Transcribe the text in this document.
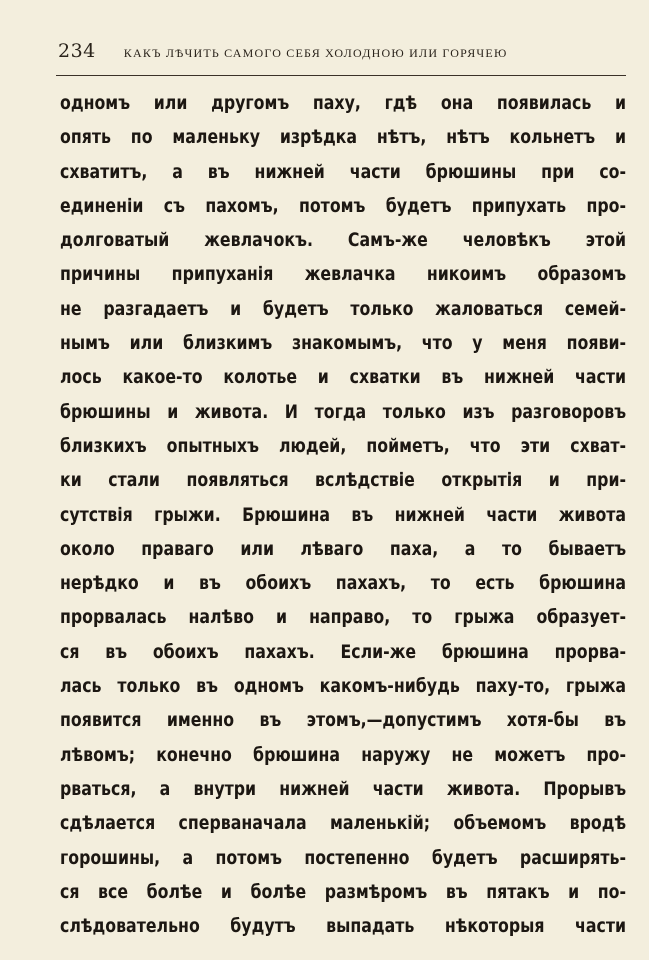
234 КАКЪ ЛѢЧИТЬ САМОГО СЕБЯ ХОЛОДНОЮ ИЛИ ГОРЯЧЕЮ
одномъ или другомъ паху, гдѣ она появилась и
опять по маленьку изрѣдка нѣтъ, нѣтъ кольнетъ и
схватитъ, а въ нижней части брюшины при со-
единеніи съ пахомъ, потомъ будетъ припухать про-
долговатый жевлачокъ. Самъ-же человѣкъ этой
причины припуханія жевлачка никоимъ образомъ
не разгадаетъ и будетъ только жаловаться семей-
нымъ или близкимъ знакомымъ, что у меня появи-
лось какое-то колотье и схватки въ нижней части
брюшины и живота. И тогда только изъ разговоровъ
близкихъ опытныхъ людей, пойметъ, что эти схват-
ки стали появляться вслѣдствіе открытія и при-
сутствія грыжи. Брюшина въ нижней части живота
около праваго или лѣваго паха, а то бываетъ
нерѣдко и въ обоихъ пахахъ, то есть брюшина
прорвалась налѣво и направо, то грыжа образует-
ся въ обоихъ пахахъ. Если-же брюшина прорва-
лась только въ одномъ какомъ-нибудь паху-то, грыжа
появится именно въ этомъ,—допустимъ хотя-бы въ
лѣвомъ; конечно брюшина наружу не можетъ про-
рваться, а внутри нижней части живота. Прорывъ
сдѣлается сперваначала маленькій; объемомъ вродѣ
горошины, а потомъ постепенно будетъ расширять-
ся все болѣе и болѣе размѣромъ въ пятакъ и по-
слѣдовательно будутъ выпадать нѣкоторыя части
